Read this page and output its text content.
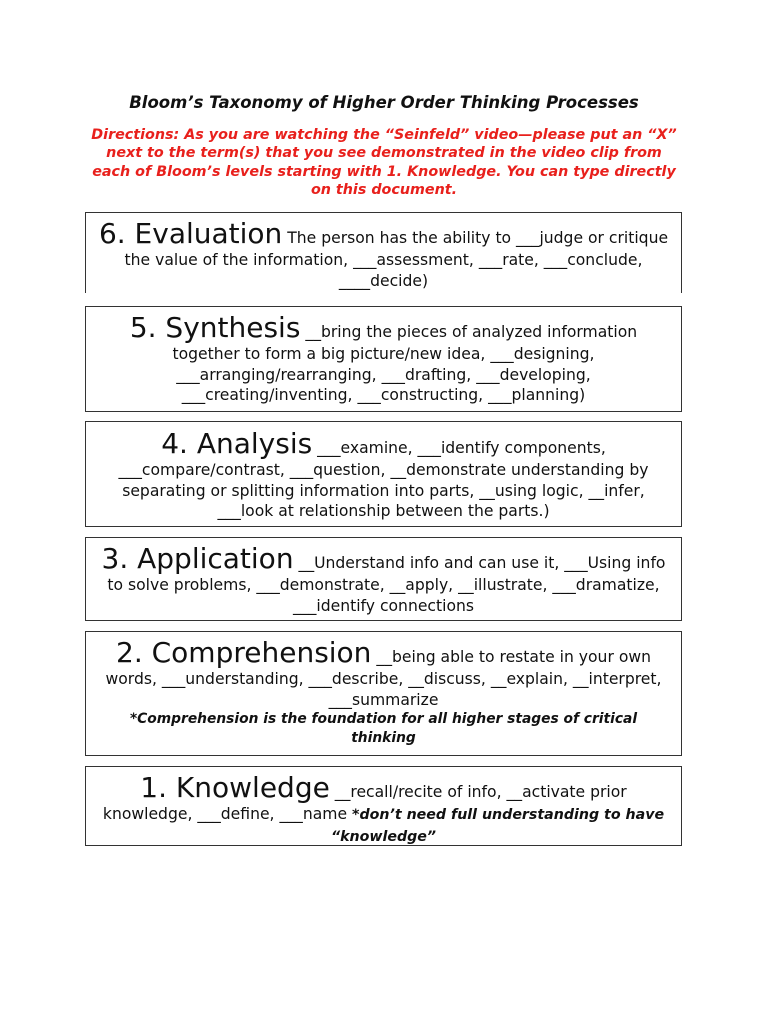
Bloom’s Taxonomy of Higher Order Thinking Processes
Directions: As you are watching the “Seinfeld” video—please put an “X” next to the term(s) that you see demonstrated in the video clip from each of Bloom’s levels starting with 1. Knowledge. You can type directly on this document.
6. Evaluation The person has the ability to ___judge or critique the value of the information, ___assessment, ___rate, ___conclude, ____decide)
5. Synthesis __bring the pieces of analyzed information together to form a big picture/new idea, ___designing, ___arranging/rearranging, ___drafting, ___developing, ___creating/inventing, ___constructing, ___planning)
4. Analysis ___examine, ___identify components, ___compare/contrast, ___question, __demonstrate understanding by separating or splitting information into parts, __using logic, __infer, ___look at relationship between the parts.)
3. Application __Understand info and can use it, ___Using info to solve problems, ___demonstrate, __apply, __illustrate, ___dramatize, ___identify connections
2. Comprehension __being able to restate in your own words, ___understanding, ___describe, __discuss, __explain, __interpret, ___summarize
*Comprehension is the foundation for all higher stages of critical thinking
1. Knowledge __recall/recite of info, __activate prior knowledge, ___define, ___name *don’t need full understanding to have “knowledge”
